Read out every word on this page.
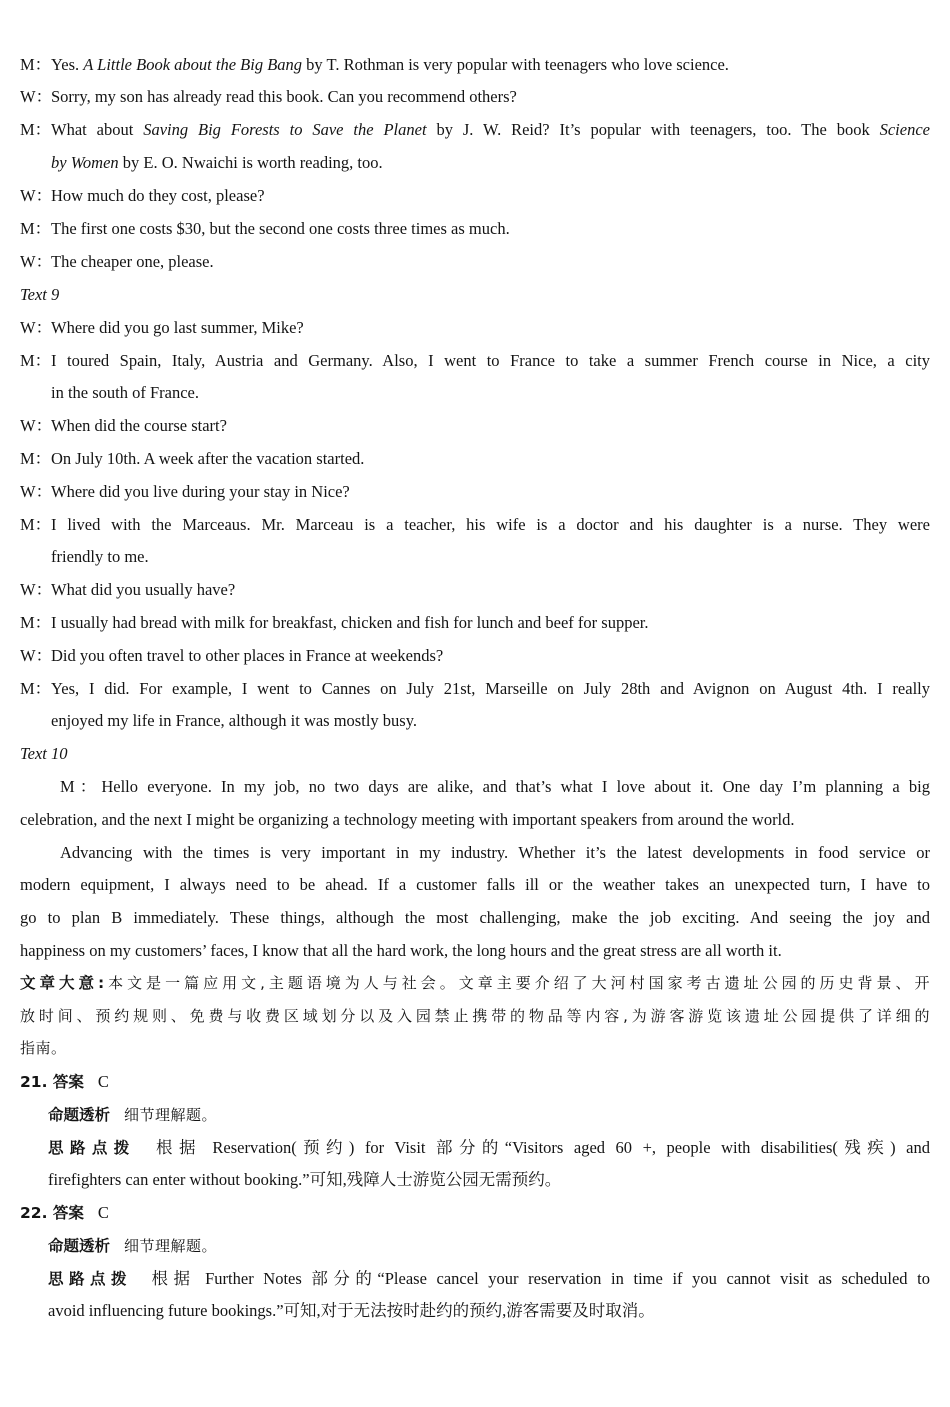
M：Yes. A Little Book about the Big Bang by T. Rothman is very popular with teenagers who love science.
W：Sorry, my son has already read this book. Can you recommend others?
M：What about Saving Big Forests to Save the Planet by J. W. Reid? It’s popular with teenagers, too. The book Science
by Women by E. O. Nwaichi is worth reading, too.
W：How much do they cost, please?
M：The first one costs $30, but the second one costs three times as much.
W：The cheaper one, please.
Text 9
W：Where did you go last summer, Mike?
M：I toured Spain, Italy, Austria and Germany. Also, I went to France to take a summer French course in Nice, a city
in the south of France.
W：When did the course start?
M：On July 10th. A week after the vacation started.
W：Where did you live during your stay in Nice?
M：I lived with the Marceaus. Mr. Marceau is a teacher, his wife is a doctor and his daughter is a nurse. They were
friendly to me.
W：What did you usually have?
M：I usually had bread with milk for breakfast, chicken and fish for lunch and beef for supper.
W：Did you often travel to other places in France at weekends?
M：Yes, I did. For example, I went to Cannes on July 21st, Marseille on July 28th and Avignon on August 4th. I really
enjoyed my life in France, although it was mostly busy.
Text 10
M：Hello everyone. In my job, no two days are alike, and that’s what I love about it. One day I’m planning a big
celebration, and the next I might be organizing a technology meeting with important speakers from around the world.
Advancing with the times is very important in my industry. Whether it’s the latest developments in food service or
modern equipment, I always need to be ahead. If a customer falls ill or the weather takes an unexpected turn, I have to
go to plan B immediately. These things, although the most challenging, make the job exciting. And seeing the joy and
happiness on my customers’ faces, I know that all the hard work, the long hours and the great stress are all worth it.
文章大意:本文是一篇应用文,主题语境为人与社会。文章主要介绍了大河村国家考古遗址公园的历史背景、开
放时间、预约规则、免费与收费区域划分以及入园禁止携带的物品等内容,为游客游览该遗址公园提供了详细的
指南。
21. 答案 C
命题透析 细节理解题。
思路点拨 根据 Reservation(预约) for Visit 部分的“Visitors aged 60 +, people with disabilities(残疾) and
firefighters can enter without booking.”可知,残障人士游览公园无需预约。
22. 答案 C
命题透析 细节理解题。
思路点拨 根据 Further Notes 部分的“Please cancel your reservation in time if you cannot visit as scheduled to
avoid influencing future bookings.”可知,对于无法按时赴约的预约,游客需要及时取消。
